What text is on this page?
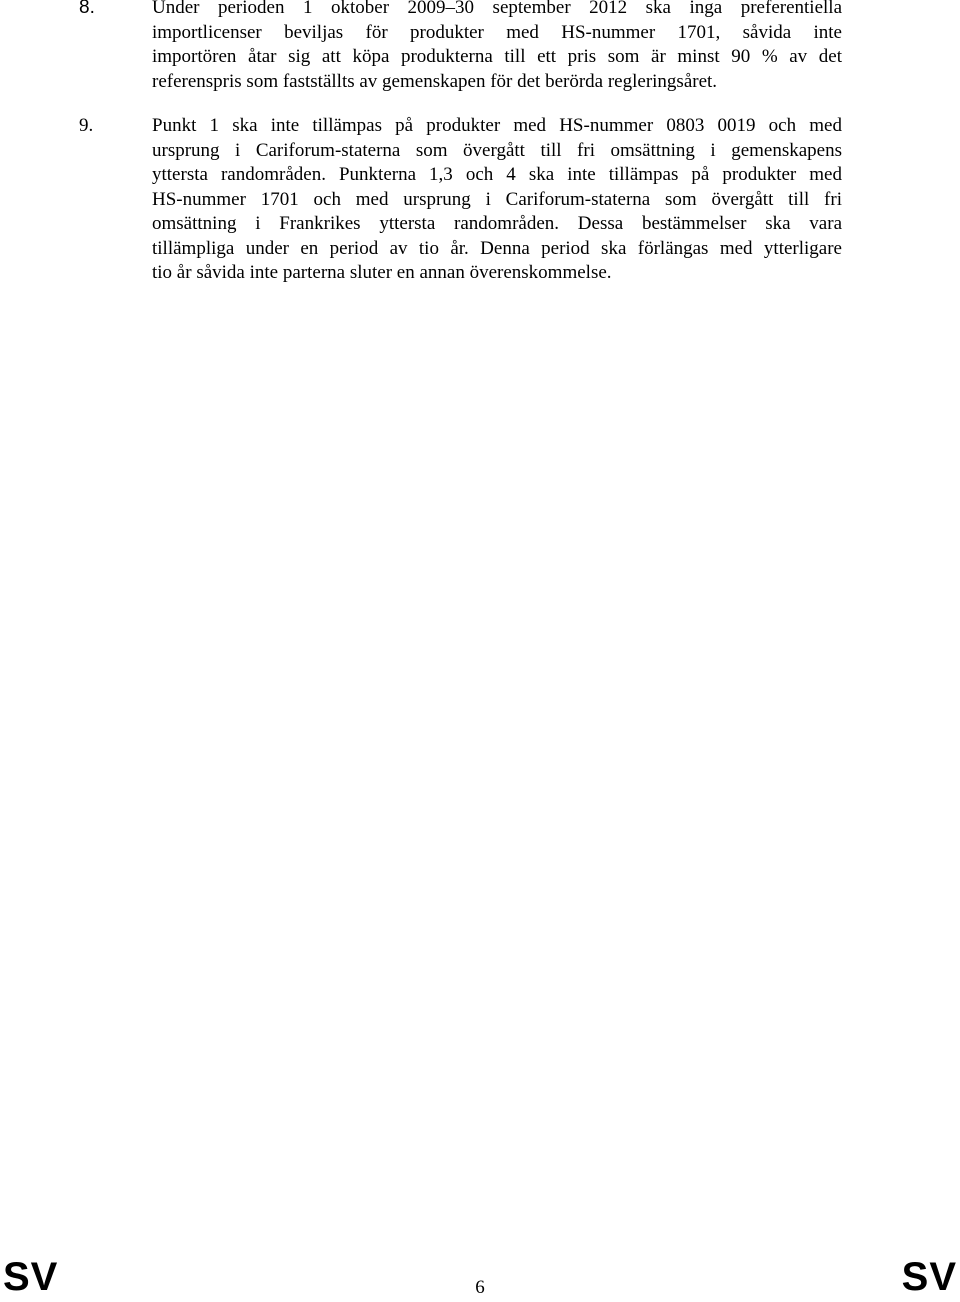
8.	Under perioden 1 oktober 2009–30 september 2012 ska inga preferentiella
importlicenser beviljas för produkter med HS-nummer 1701, såvida inte
importören åtar sig att köpa produkterna till ett pris som är minst 90 % av det
referenspris som fastställts av gemenskapen för det berörda regleringsåret.
9.	Punkt 1 ska inte tillämpas på produkter med HS-nummer 0803 0019 och med
ursprung i Cariforum-staterna som övergått till fri omsättning i gemenskapens
yttersta randområden. Punkterna 1,3 och 4 ska inte tillämpas på produkter med
HS-nummer 1701 och med ursprung i Cariforum-staterna som övergått till fri
omsättning i Frankrikes yttersta randområden. Dessa bestämmelser ska vara
tillämpliga under en period av tio år. Denna period ska förlängas med ytterligare
tio år såvida inte parterna sluter en annan överenskommelse.
SV	6	SV
